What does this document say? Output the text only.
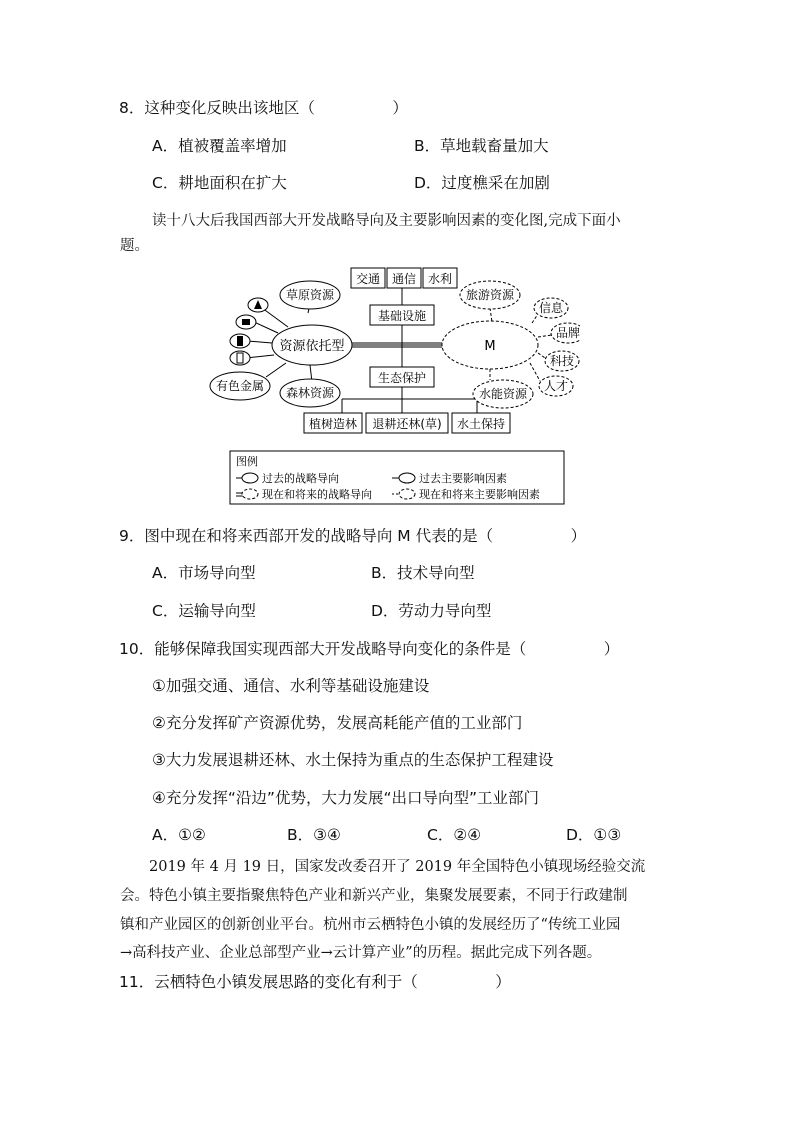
8．这种变化反映出该地区（　　　　　）
A．植被覆盖率增加	B．草地载畜量加大
C．耕地面积在扩大	D．过度樵采在加剧
读十八大后我国西部大开发战略导向及主要影响因素的变化图,完成下面小
题。
交通 通信 水利
基础设施
草原资源
资源依托型
森林资源
有色金属
M
旅游资源
水能资源
信息
品牌
科技
人才
生态保护
植树造林 退耕还林(草) 水土保持
图例
过去的战略导向	过去主要影响因素
现在和将来的战略导向	现在和将来主要影响因素
9．图中现在和将来西部开发的战略导向 M 代表的是（　　　　　）
A．市场导向型	B．技术导向型
C．运输导向型	D．劳动力导向型
10．能够保障我国实现西部大开发战略导向变化的条件是（　　　　　）
①加强交通、通信、水利等基础设施建设
②充分发挥矿产资源优势，发展高耗能产值的工业部门
③大力发展退耕还林、水土保持为重点的生态保护工程建设
④充分发挥“沿边”优势，大力发展“出口导向型”工业部门
A．①②	B．③④	C．②④	D．①③
　　2019 年 4 月 19 日，国家发改委召开了 2019 年全国特色小镇现场经验交流
会。特色小镇主要指聚焦特色产业和新兴产业，集聚发展要素，不同于行政建制
镇和产业园区的创新创业平台。杭州市云栖特色小镇的发展经历了“传统工业园
→高科技产业、企业总部型产业→云计算产业”的历程。据此完成下列各题。
11．云栖特色小镇发展思路的变化有利于（　　　　　）
